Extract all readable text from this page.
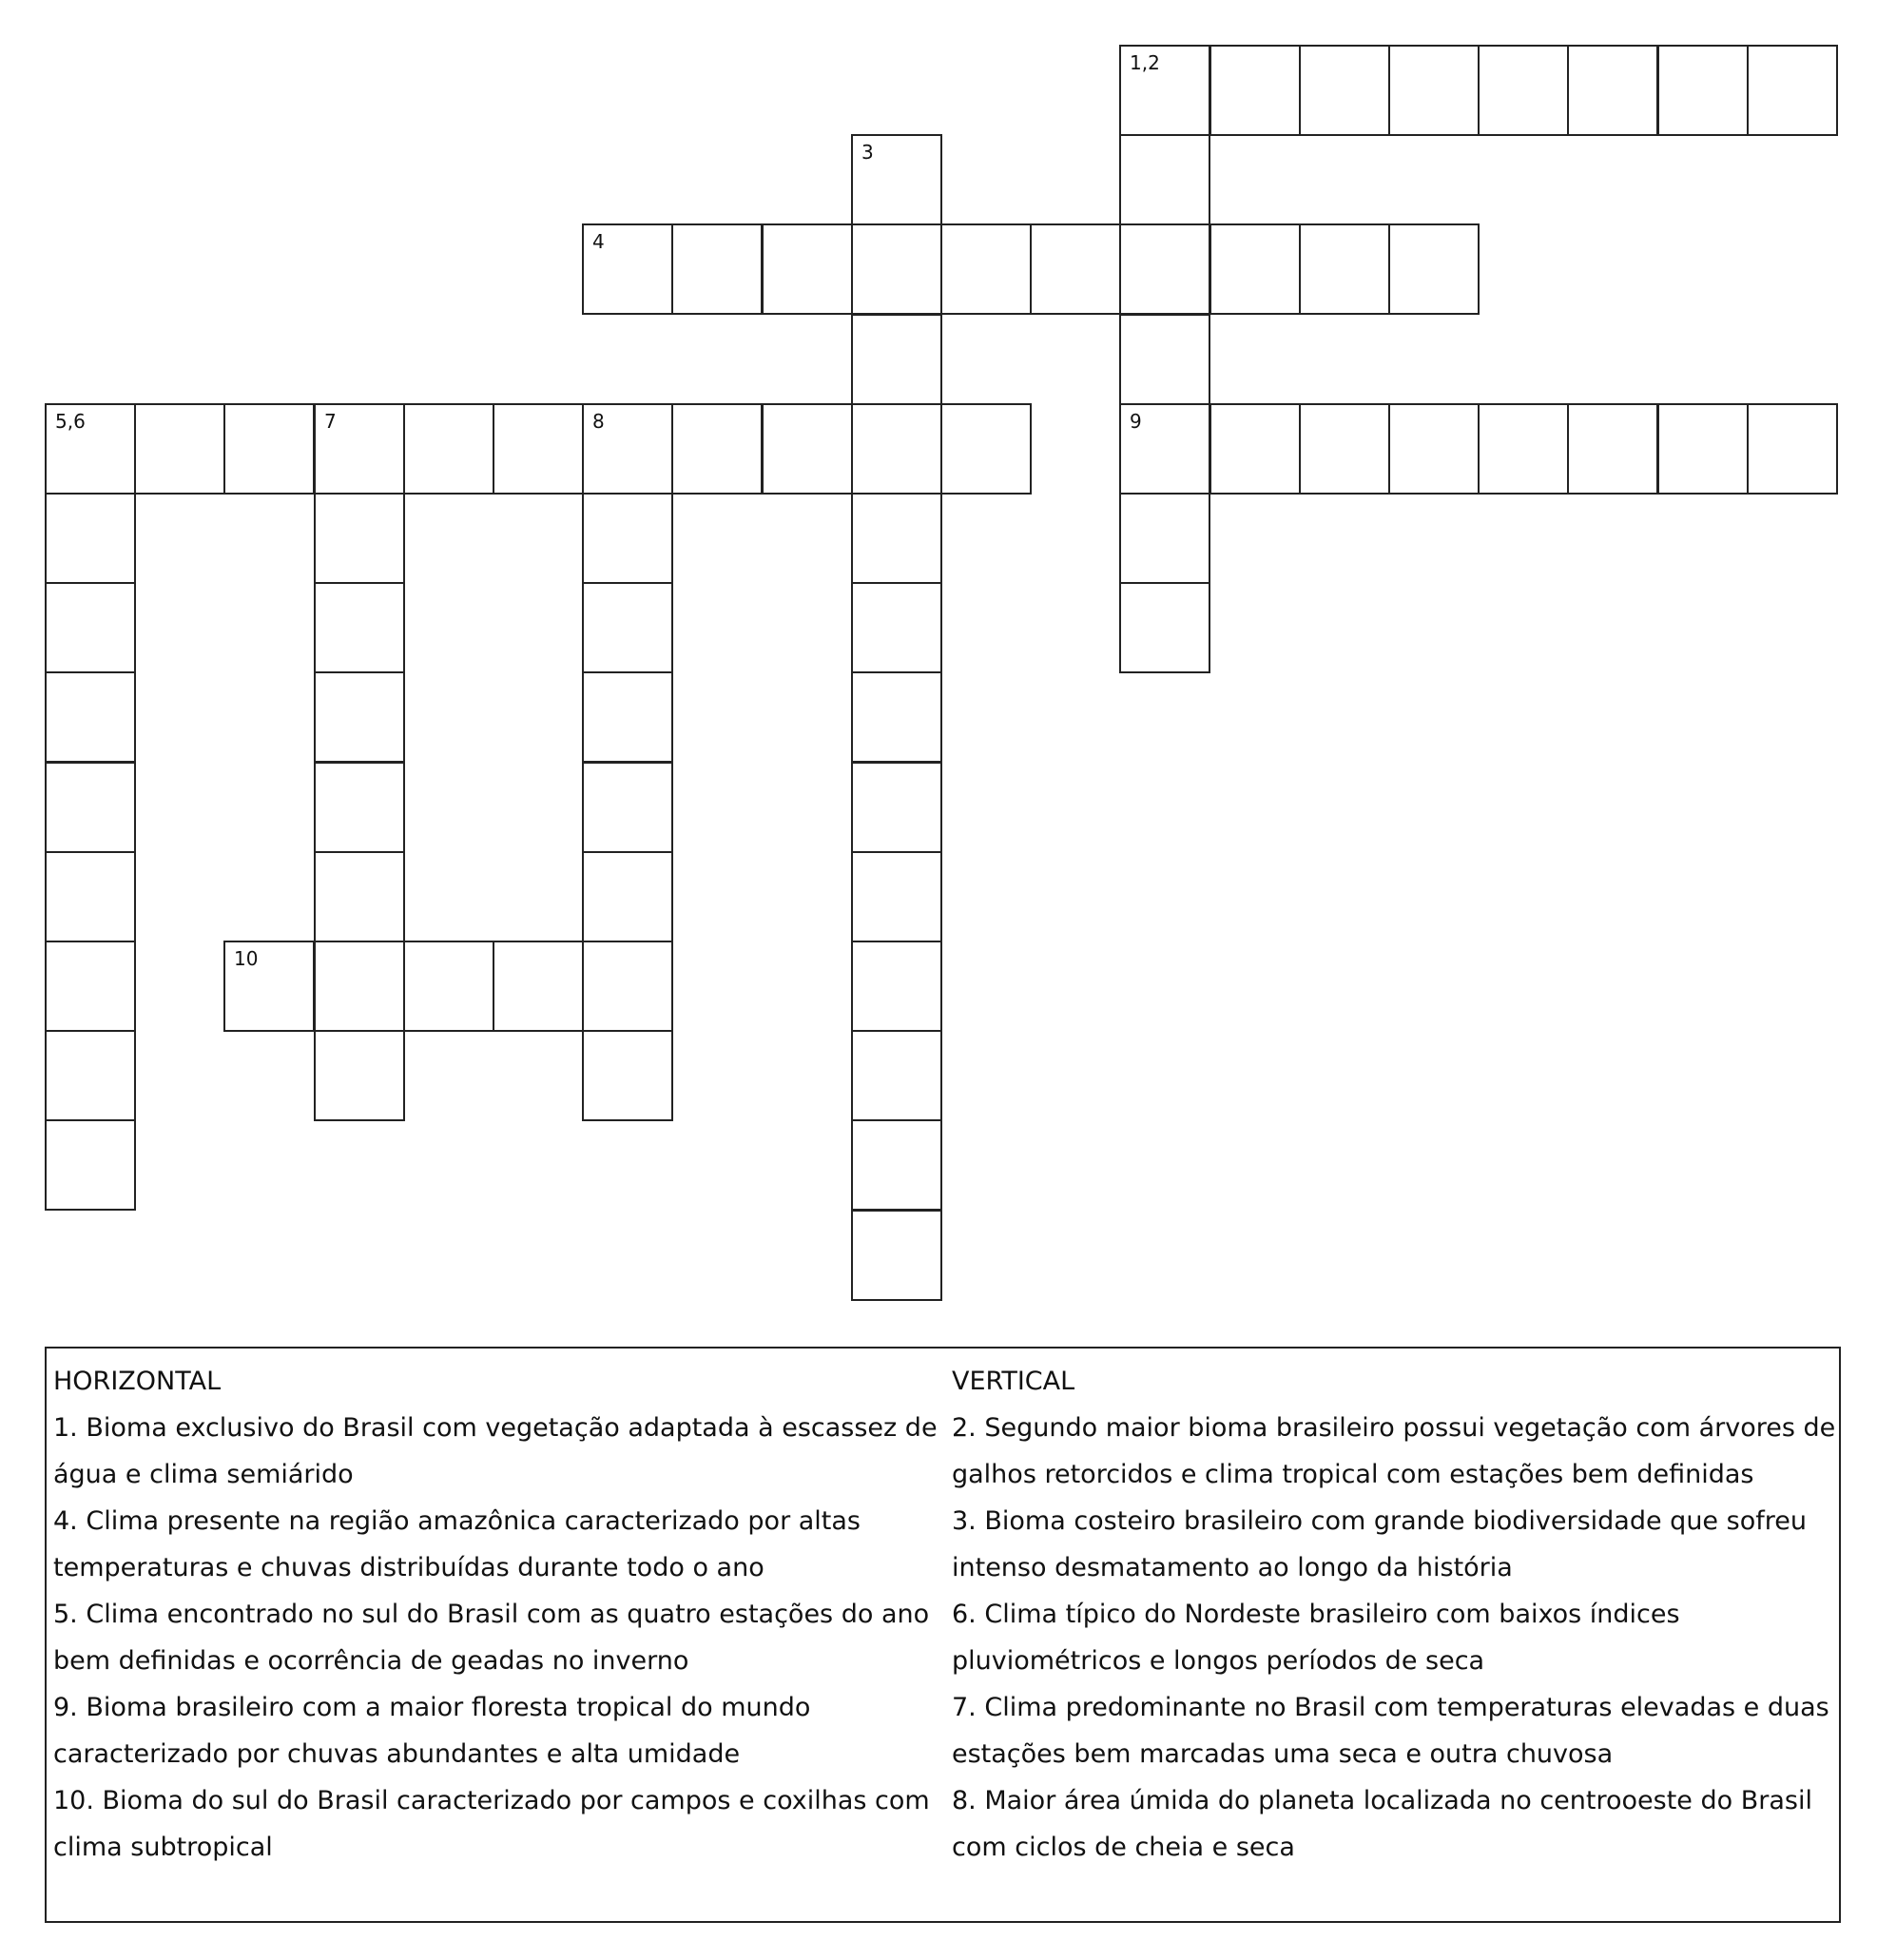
1,2
3
4
5,6	7	8	9
10

HORIZONTAL

1. Bioma exclusivo do Brasil com vegetação adaptada à escassez de

água e clima semiárido

4. Clima presente na região amazônica caracterizado por altas

temperaturas e chuvas distribuídas durante todo o ano

5. Clima encontrado no sul do Brasil com as quatro estações do ano

bem definidas e ocorrência de geadas no inverno

9. Bioma brasileiro com a maior floresta tropical do mundo

caracterizado por chuvas abundantes e alta umidade

10. Bioma do sul do Brasil caracterizado por campos e coxilhas com

clima subtropical

VERTICAL

2. Segundo maior bioma brasileiro possui vegetação com árvores de

galhos retorcidos e clima tropical com estações bem definidas

3. Bioma costeiro brasileiro com grande biodiversidade que sofreu

intenso desmatamento ao longo da história

6. Clima típico do Nordeste brasileiro com baixos índices

pluviométricos e longos períodos de seca

7. Clima predominante no Brasil com temperaturas elevadas e duas

estações bem marcadas uma seca e outra chuvosa

8. Maior área úmida do planeta localizada no centrooeste do Brasil

com ciclos de cheia e seca
